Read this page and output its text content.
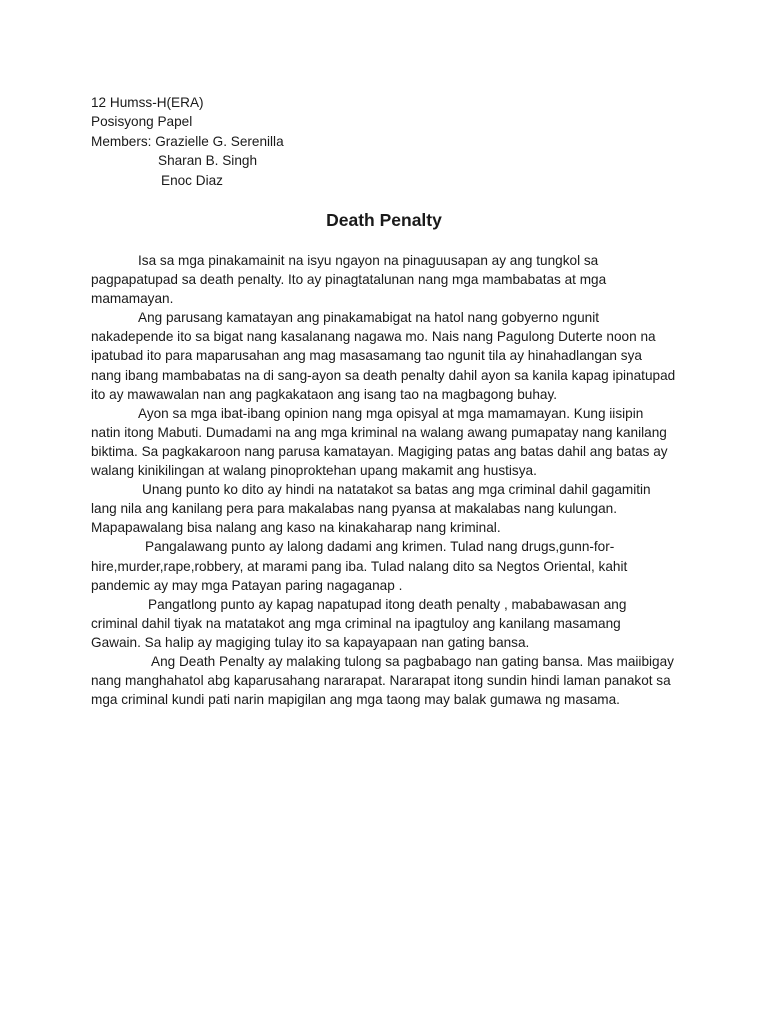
12 Humss-H(ERA)
Posisyong Papel
Members: Grazielle G. Serenilla
Sharan B. Singh
Enoc Diaz
Death Penalty
Isa sa mga pinakamainit na isyu ngayon na pinaguusapan ay ang tungkol sa
pagpapatupad sa death penalty. Ito ay pinagtatalunan nang mga mambabatas at mga
mamamayan.
Ang parusang kamatayan ang pinakamabigat na hatol nang gobyerno ngunit
nakadepende ito sa bigat nang kasalanang nagawa mo. Nais nang Pagulong Duterte noon na
ipatubad ito para maparusahan ang mag masasamang tao ngunit tila ay hinahadlangan sya
nang ibang mambabatas na di sang-ayon sa death penalty dahil ayon sa kanila kapag ipinatupad
ito ay mawawalan nan ang pagkakataon ang isang tao na magbagong buhay.
Ayon sa mga ibat-ibang opinion nang mga opisyal at mga mamamayan. Kung iisipin
natin itong Mabuti. Dumadami na ang mga kriminal na walang awang pumapatay nang kanilang
biktima. Sa pagkakaroon nang parusa kamatayan. Magiging patas ang batas dahil ang batas ay
walang kinikilingan at walang pinoproktehan upang makamit ang hustisya.
Unang punto ko dito ay hindi na natatakot sa batas ang mga criminal dahil gagamitin
lang nila ang kanilang pera para makalabas nang pyansa at makalabas nang kulungan.
Mapapawalang bisa nalang ang kaso na kinakaharap nang kriminal.
Pangalawang punto ay lalong dadami ang krimen. Tulad nang drugs,gunn-for-
hire,murder,rape,robbery, at marami pang iba. Tulad nalang dito sa Negtos Oriental, kahit
pandemic ay may mga Patayan paring nagaganap .
Pangatlong punto ay kapag napatupad itong death penalty , mababawasan ang
criminal dahil tiyak na matatakot ang mga criminal na ipagtuloy ang kanilang masamang
Gawain. Sa halip ay magiging tulay ito sa kapayapaan nan gating bansa.
Ang Death Penalty ay malaking tulong sa pagbabago nan gating bansa. Mas maiibigay
nang manghahatol abg kaparusahang nararapat. Nararapat itong sundin hindi laman panakot sa
mga criminal kundi pati narin mapigilan ang mga taong may balak gumawa ng masama.
